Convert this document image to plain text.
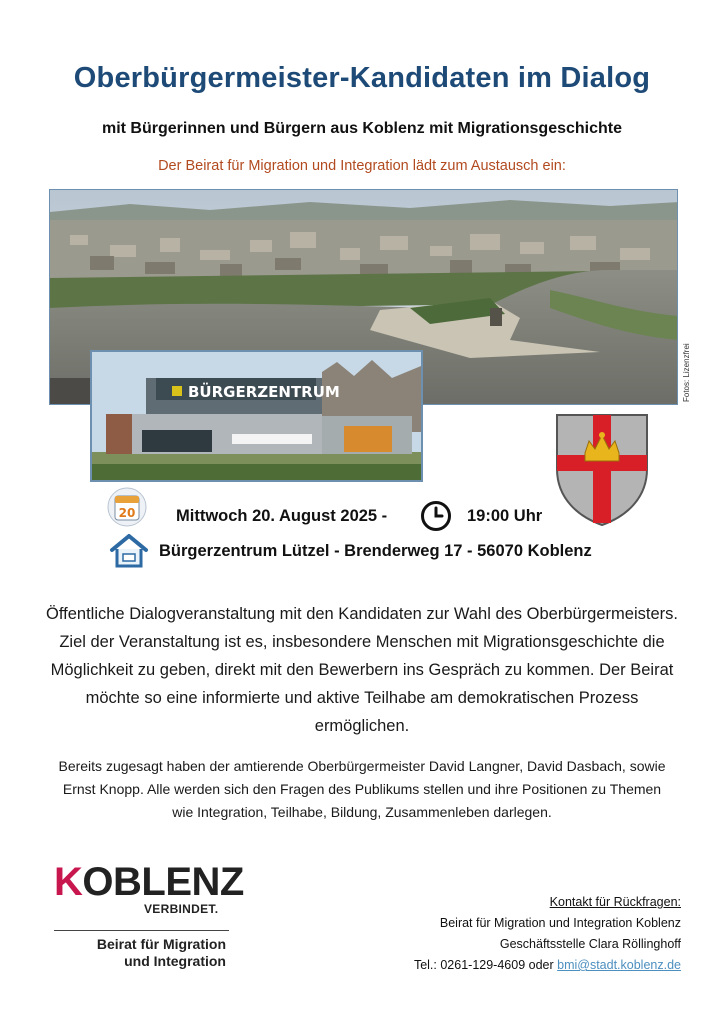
Oberbürgermeister-Kandidaten im Dialog
mit Bürgerinnen und Bürgern aus Koblenz mit Migrationsgeschichte
Der Beirat für Migration und Integration lädt zum Austausch ein:
Fotos: Lizenzfrei
BÜRGERZENTRUM
20 Mittwoch 20. August 2025 -	19:00 Uhr
Bürgerzentrum Lützel - Brenderweg 17 - 56070 Koblenz
Öffentliche Dialogveranstaltung mit den Kandidaten zur Wahl des Oberbürgermeisters. Ziel der Veranstaltung ist es, insbesondere Menschen mit Migrationsgeschichte die Möglichkeit zu geben, direkt mit den Bewerbern ins Gespräch zu kommen. Der Beirat möchte so eine informierte und aktive Teilhabe am demokratischen Prozess ermöglichen.
Bereits zugesagt haben der amtierende Oberbürgermeister David Langner, David Dasbach, sowie Ernst Knopp. Alle werden sich den Fragen des Publikums stellen und ihre Positionen zu Themen wie Integration, Teilhabe, Bildung, Zusammenleben darlegen.
KOBLENZ
VERBINDET.
Beirat für Migration
und Integration
Kontakt für Rückfragen:
Beirat für Migration und Integration Koblenz
Geschäftsstelle Clara Röllinghoff
Tel.: 0261-129-4609 oder bmi@stadt.koblenz.de
